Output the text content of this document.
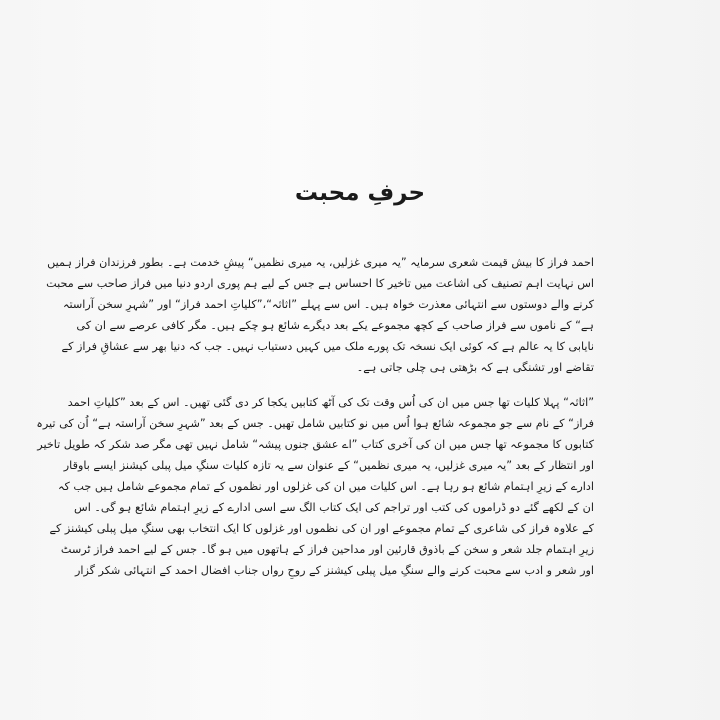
حرفِ محبت
احمد فراز کا بیش قیمت شعری سرمایہ ”یہ میری غزلیں، یہ میری نظمیں“ پیشِ خدمت ہے۔ بطور فرزندان فراز ہمیں
اس نہایت اہم تصنیف کی اشاعت میں تاخیر کا احساس ہے جس کے لیے ہم پوری اردو دنیا میں فراز صاحب سے محبت
کرنے والے دوستوں سے انتہائی معذرت خواہ ہیں۔ اس سے پہلے ”اثاثہ“،”کلیاتِ احمد فراز“ اور ”شہرِ سخن آراستہ
ہے“ کے ناموں سے فراز صاحب کے کچھ مجموعے یکے بعد دیگرے شائع ہو چکے ہیں۔ مگر کافی عرصے سے ان کی
نایابی کا یہ عالم ہے کہ کوئی ایک نسخہ تک پورے ملک میں کہیں دستیاب نہیں۔ جب کہ دنیا بھر سے عشاقِ فراز کے
تقاضے اور تشنگی ہے کہ بڑھتی ہی چلی جاتی ہے۔
”اثاثہ“ پہلا کلیات تھا جس میں ان کی اُس وقت تک کی آٹھ کتابیں یکجا کر دی گئی تھیں۔ اس کے بعد ”کلیاتِ احمد
فراز“ کے نام سے جو مجموعہ شائع ہوا اُس میں نو کتابیں شامل تھیں۔ جس کے بعد ”شہرِ سخن آراستہ ہے“ اُن کی تیرہ
کتابوں کا مجموعہ تھا جس میں ان کی آخری کتاب ”اے عشق جنوں پیشہ“ شامل نہیں تھی مگر صد شکر کہ طویل تاخیر
اور انتظار کے بعد ”یہ میری غزلیں، یہ میری نظمیں“ کے عنوان سے یہ تازہ کلیات سنگِ میل پبلی کیشنز ایسے باوقار
ادارے کے زیرِ اہتمام شائع ہو رہا ہے۔ اس کلیات میں ان کی غزلوں اور نظموں کے تمام مجموعے شامل ہیں جب کہ
ان کے لکھے گئے دو ڈراموں کی کتب اور تراجم کی ایک کتاب الگ سے اسی ادارے کے زیرِ اہتمام شائع ہو گی۔ اس
کے علاوہ فراز کی شاعری کے تمام مجموعے اور ان کی نظموں اور غزلوں کا ایک انتخاب بھی سنگِ میل پبلی کیشنز کے
زیرِ اہتمام جلد شعر و سخن کے باذوق قارئین اور مداحین فراز کے ہاتھوں میں ہو گا۔ جس کے لیے احمد فراز ٹرسٹ
اور شعر و ادب سے محبت کرنے والے سنگِ میل پبلی کیشنز کے روحِ رواں جناب افضال احمد کے انتہائی شکر گزار
